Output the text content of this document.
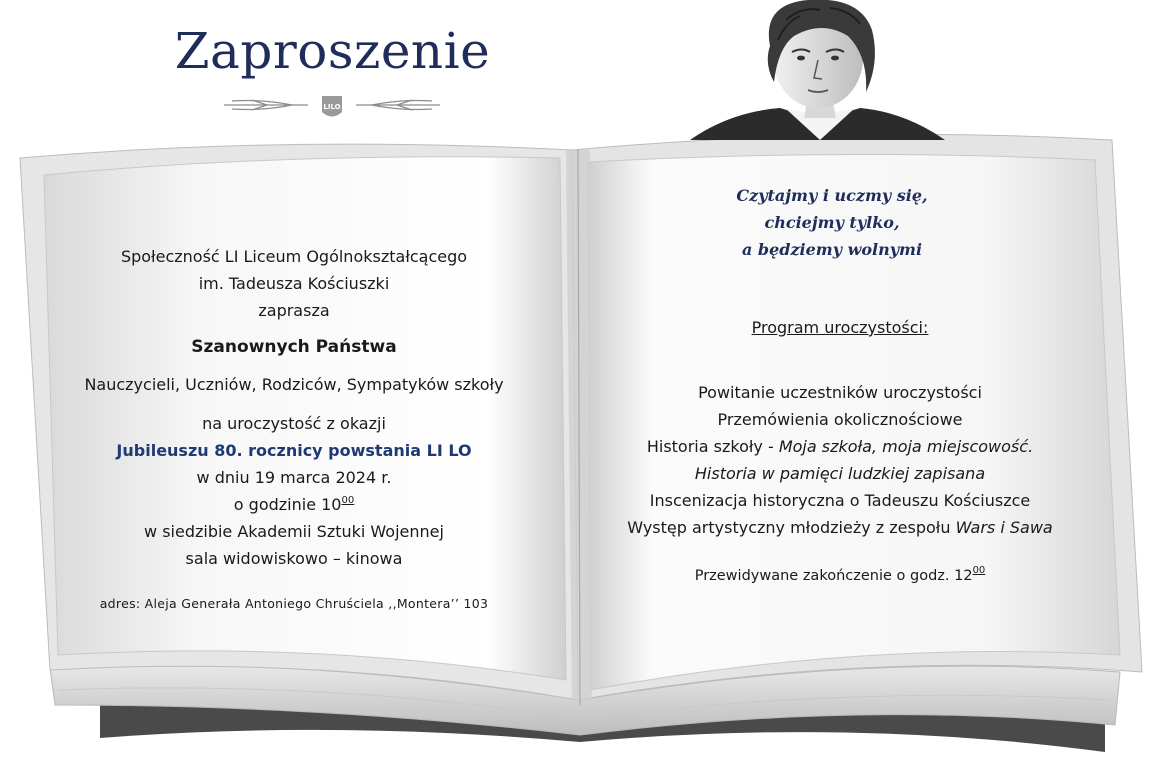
Zaproszenie
LILO
Społeczność LI Liceum Ogólnokształcącego
im. Tadeusza Kościuszki
zaprasza
Szanownych Państwa
Nauczycieli, Uczniów, Rodziców, Sympatyków szkoły
na uroczystość z okazji
Jubileuszu 80. rocznicy powstania LI LO
w dniu 19 marca 2024 r.
o godzinie $10^{00}$
w siedzibie Akademii Sztuki Wojennej
sala widowiskowo – kinowa
adres: Aleja Generała Antoniego Chruściela ,,Montera’’ 103
Czytajmy i uczmy się,
chciejmy tylko,
a będziemy wolnymi
Program uroczystości:
Powitanie uczestników uroczystości
Przemówienia okolicznościowe
Historia szkoły - Moja szkoła, moja miejscowość.
Historia w pamięci ludzkiej zapisana
Inscenizacja historyczna o Tadeuszu Kościuszce
Występ artystyczny młodzieży z zespołu Wars i Sawa
Przewidywane zakończenie o godz. $12^{00}$
